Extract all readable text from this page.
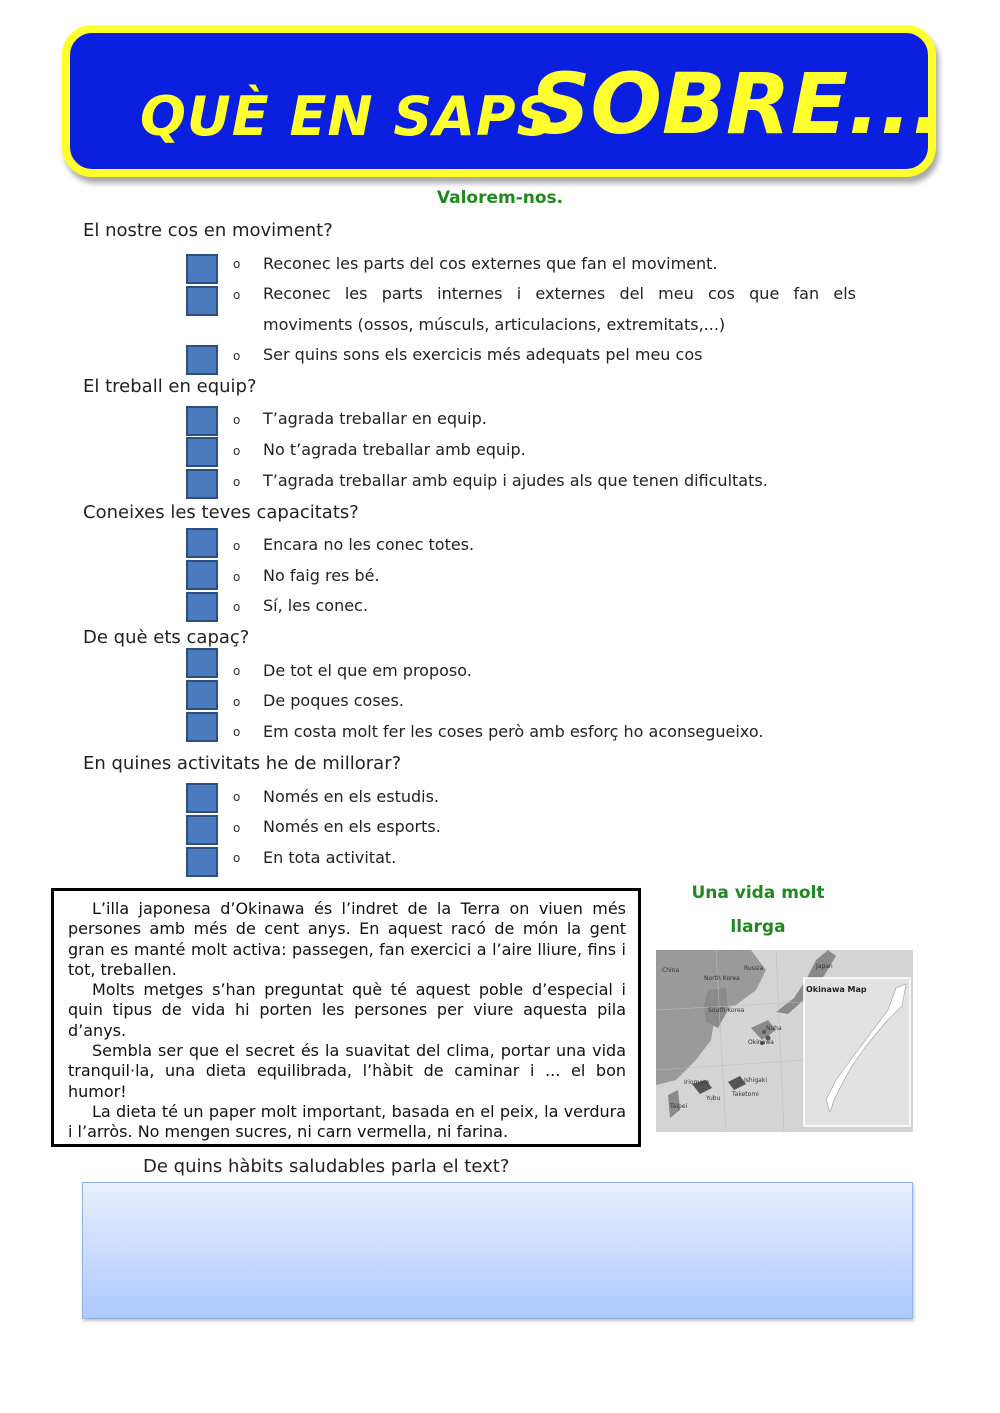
QUÈ EN SAPS
SOBRE...
Valorem-nos.
El nostre cos en moviment?
o Reconec les parts del cos externes que fan el moviment.
o Reconec les parts internes i externes del meu cos que fan els
moviments (ossos, músculs, articulacions, extremitats,...)
o Ser quins sons els exercicis més adequats pel meu cos
El treball en equip?
o T’agrada treballar en equip.
o No t’agrada treballar amb equip.
o T’agrada treballar amb equip i ajudes als que tenen dificultats.
Coneixes les teves capacitats?
o Encara no les conec totes.
o No faig res bé.
o Sí, les conec.
De què ets capaç?
o De tot el que em proposo.
o De poques coses.
o Em costa molt fer les coses però amb esforç ho aconsegueixo.
En quines activitats he de millorar?
o Només en els estudis.
o Només en els esports.
o En tota activitat.

L’illa japonesa d’Okinawa és l’indret de la Terra on viuen més persones amb més de cent anys. En aquest racó de món la gent gran es manté molt activa: passegen, fan exercici a l’aire lliure, fins i tot, treballen.

Molts metges s’han preguntat què té aquest poble d’especial i quin tipus de vida hi porten les persones per viure aquesta pila d’anys.

Sembla ser que el secret és la suavitat del clima, portar una vida tranquil·la, una dieta equilibrada, l’hàbit de caminar i ... el bon humor!

La dieta té un paper molt important, basada en el peix, la verdura i l’arròs. No mengen sucres, ni carn vermella, ni farina.

Una vida molt
llarga
China
North Korea
Russia	Japan
South Korea
Naha
Okinawa
Ishigaki
Iriomote
Yubu
Taketomi
Taipei
Okinawa Map
De quins hàbits saludables parla el text?
